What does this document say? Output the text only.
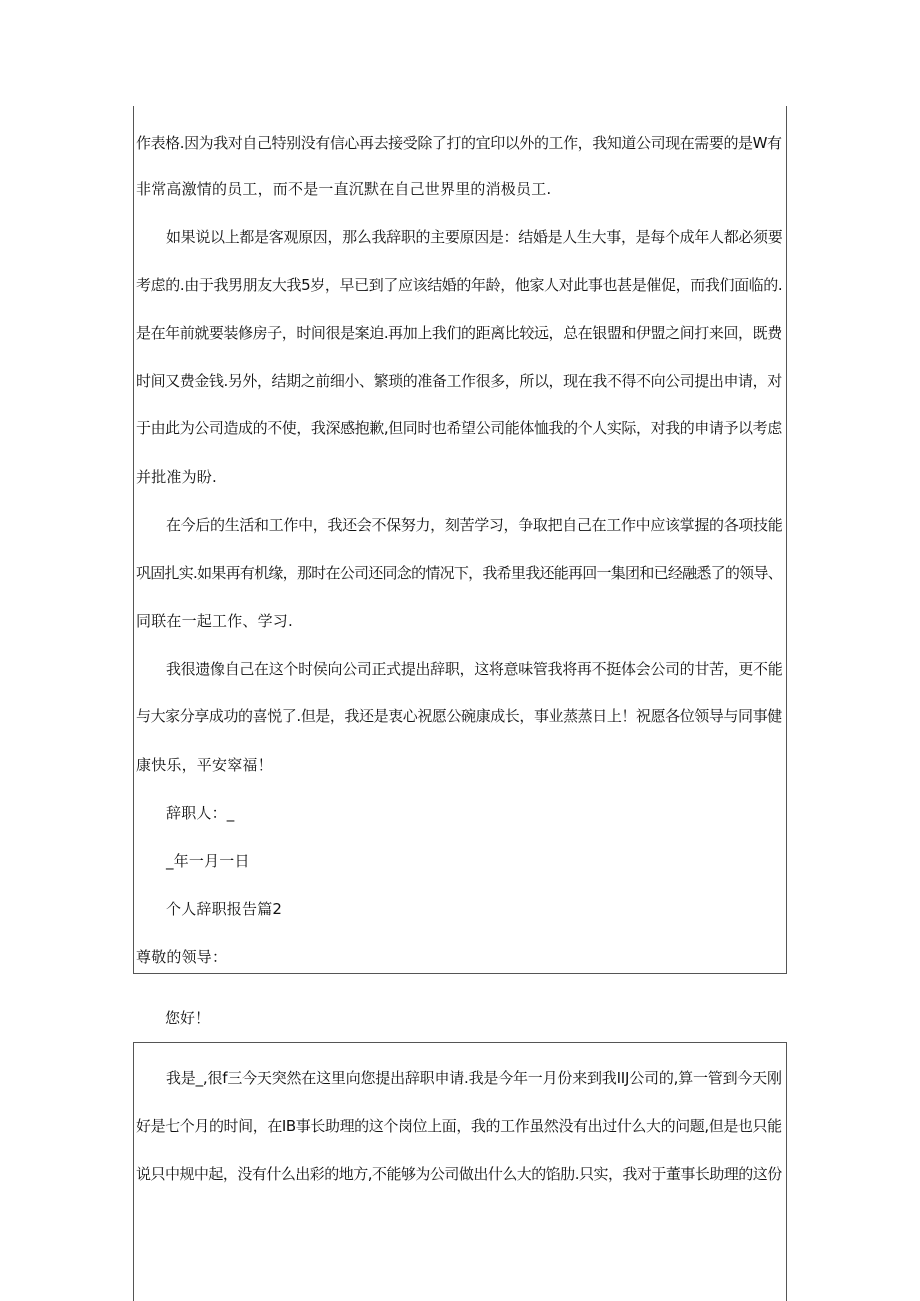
作表格.因为我对自己特别没有信心再去接受除了打的宜印以外的工作，我知道公司现在需要的是W有
非常高激情的员工，而不是一直沉默在自己世界里的消极员工.
如果说以上都是客观原因，那么我辞职的主要原因是：结婚是人生大事，是每个成年人都必须要
考虑的.由于我男朋友大我5岁，早已到了应该结婚的年龄，他家人对此事也甚是催促，而我们面临的.
是在年前就要装修房子，时间很是案迫.再加上我们的距离比较远，总在银盟和伊盟之间打来回，既费
时间又费金钱.另外，结期之前细小、繁琐的准备工作很多，所以，现在我不得不向公司提出申请，对
于由此为公司造成的不使，我深感抱歉,但同时也希望公司能体恤我的个人实际，对我的申请予以考虑
并批准为盼.
在今后的生活和工作中，我还会不保努力，刻苦学习，争取把自己在工作中应该掌握的各项技能
巩固扎实.如果再有机缘，那时在公司还同念的情况下，我希里我还能再回一集团和已经融悉了的领导、
同联在一起工作、学习.
我很遗像自己在这个时侯向公司正式提出辞职，这将意味管我将再不挺体会公司的甘苦，更不能
与大家分享成功的喜悦了.但是，我还是衷心祝愿公碗康成长，事业蒸蒸日上！祝愿各位领导与同事健
康快乐，平安窣福！
辞职人：_
_年一月一日
个人辞职报告篇2
尊敬的领导：
您好！
我是_,很f三今天突然在这里向您提出辞职申请.我是今年一月份来到我IIJ公司的,算一管到今天刚
好是七个月的时间，在IB事长助理的这个岗位上面，我的工作虽然没有出过什么大的问题,但是也只能
说只中规中起，没有什么出彩的地方,不能够为公司做出什么大的馅肋.只实，我对于董事长助理的这份
